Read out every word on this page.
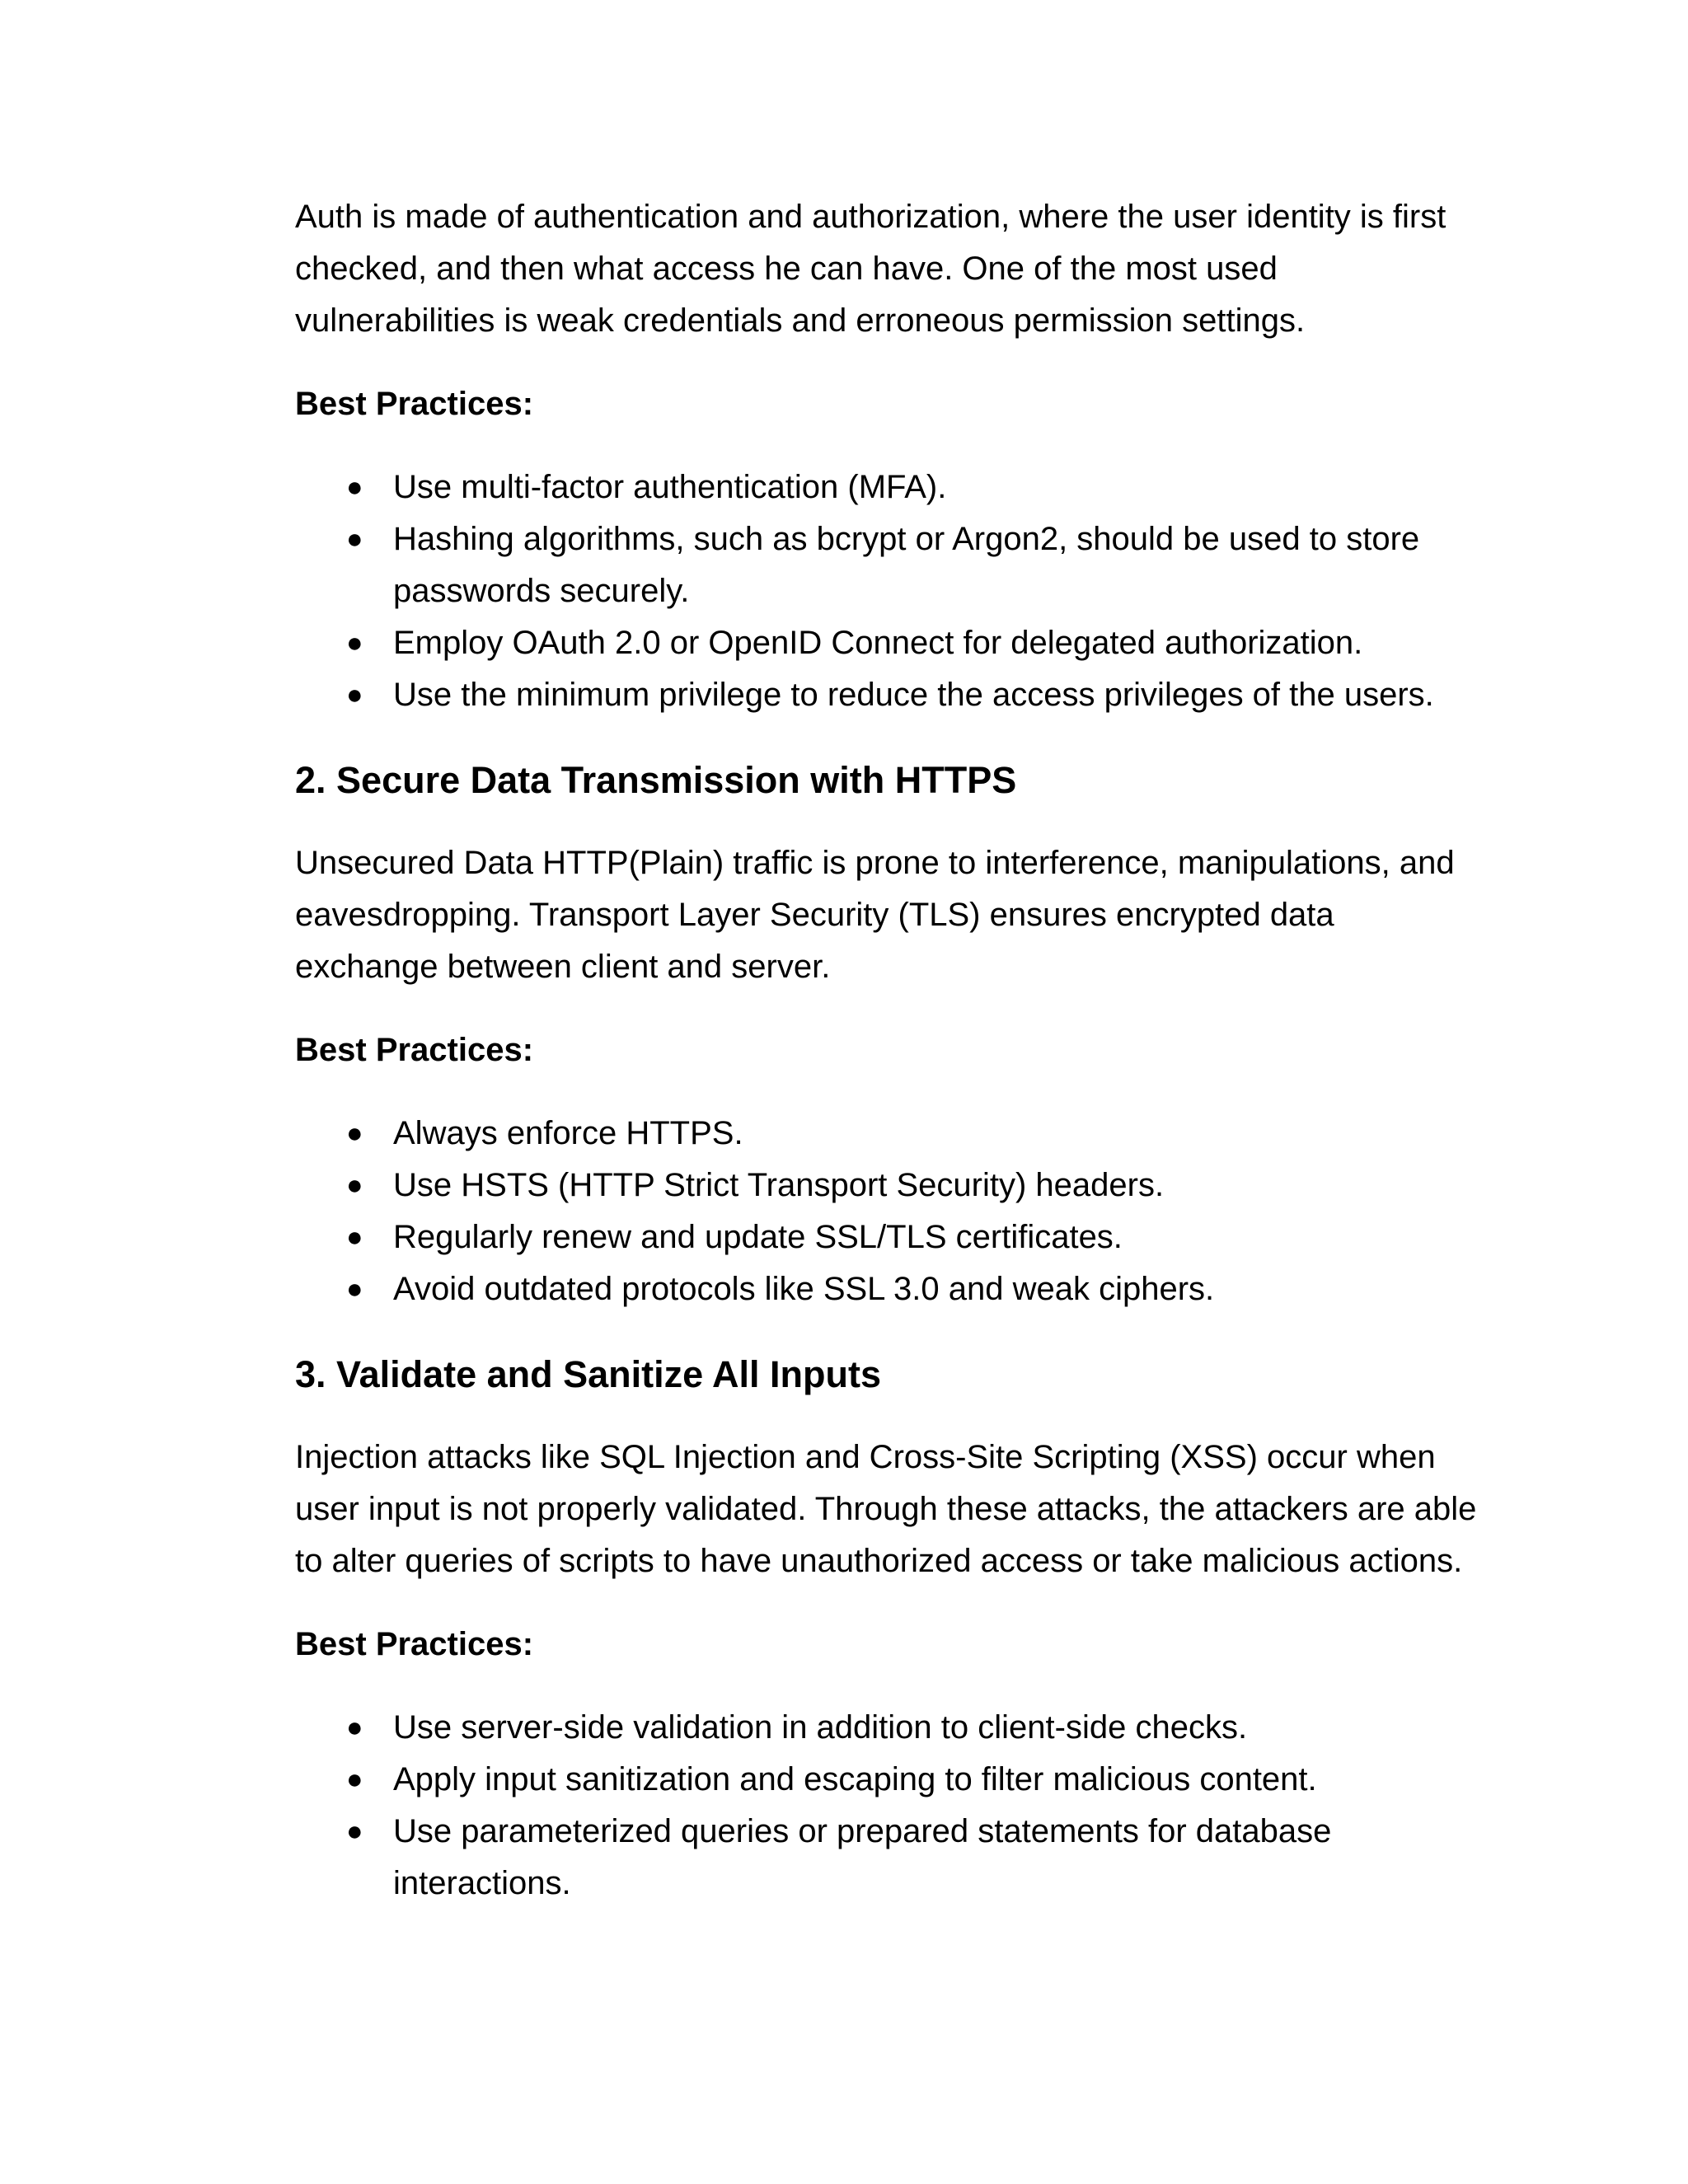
Auth is made of authentication and authorization, where the user identity is first checked, and then what access he can have. One of the most used vulnerabilities is weak credentials and erroneous permission settings.

Best Practices:

● Use multi-factor authentication (MFA).
● Hashing algorithms, such as bcrypt or Argon2, should be used to store passwords securely.
● Employ OAuth 2.0 or OpenID Connect for delegated authorization.
● Use the minimum privilege to reduce the access privileges of the users.
2. Secure Data Transmission with HTTPS

Unsecured Data HTTP(Plain) traffic is prone to interference, manipulations, and eavesdropping. Transport Layer Security (TLS) ensures encrypted data exchange between client and server.

Best Practices:

● Always enforce HTTPS.
● Use HSTS (HTTP Strict Transport Security) headers.
● Regularly renew and update SSL/TLS certificates.
● Avoid outdated protocols like SSL 3.0 and weak ciphers.
3. Validate and Sanitize All Inputs

Injection attacks like SQL Injection and Cross-Site Scripting (XSS) occur when user input is not properly validated. Through these attacks, the attackers are able to alter queries of scripts to have unauthorized access or take malicious actions.

Best Practices:

● Use server-side validation in addition to client-side checks.
● Apply input sanitization and escaping to filter malicious content.
● Use parameterized queries or prepared statements for database interactions.
